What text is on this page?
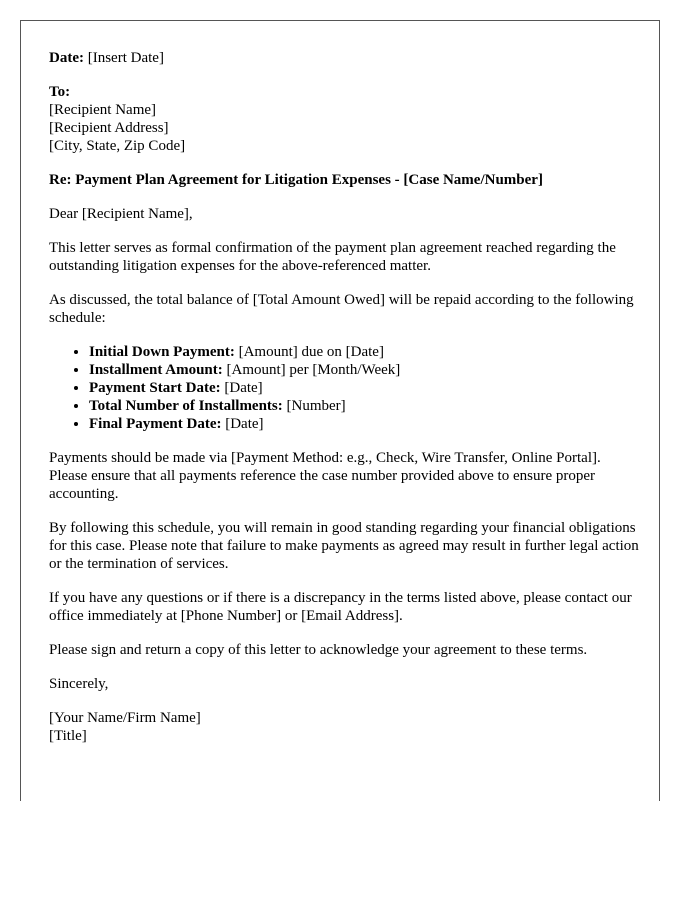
Date: [Insert Date]

To:
[Recipient Name]
[Recipient Address]
[City, State, Zip Code]

Re: Payment Plan Agreement for Litigation Expenses - [Case Name/Number]

Dear [Recipient Name],

This letter serves as formal confirmation of the payment plan agreement reached regarding the outstanding litigation expenses for the above-referenced matter.

As discussed, the total balance of [Total Amount Owed] will be repaid according to the following schedule:

• Initial Down Payment: [Amount] due on [Date]
• Installment Amount: [Amount] per [Month/Week]
• Payment Start Date: [Date]
• Total Number of Installments: [Number]
• Final Payment Date: [Date]

Payments should be made via [Payment Method: e.g., Check, Wire Transfer, Online Portal]. Please ensure that all payments reference the case number provided above to ensure proper accounting.

By following this schedule, you will remain in good standing regarding your financial obligations for this case. Please note that failure to make payments as agreed may result in further legal action or the termination of services.

If you have any questions or if there is a discrepancy in the terms listed above, please contact our office immediately at [Phone Number] or [Email Address].

Please sign and return a copy of this letter to acknowledge your agreement to these terms.

Sincerely,

[Your Name/Firm Name]
[Title]
